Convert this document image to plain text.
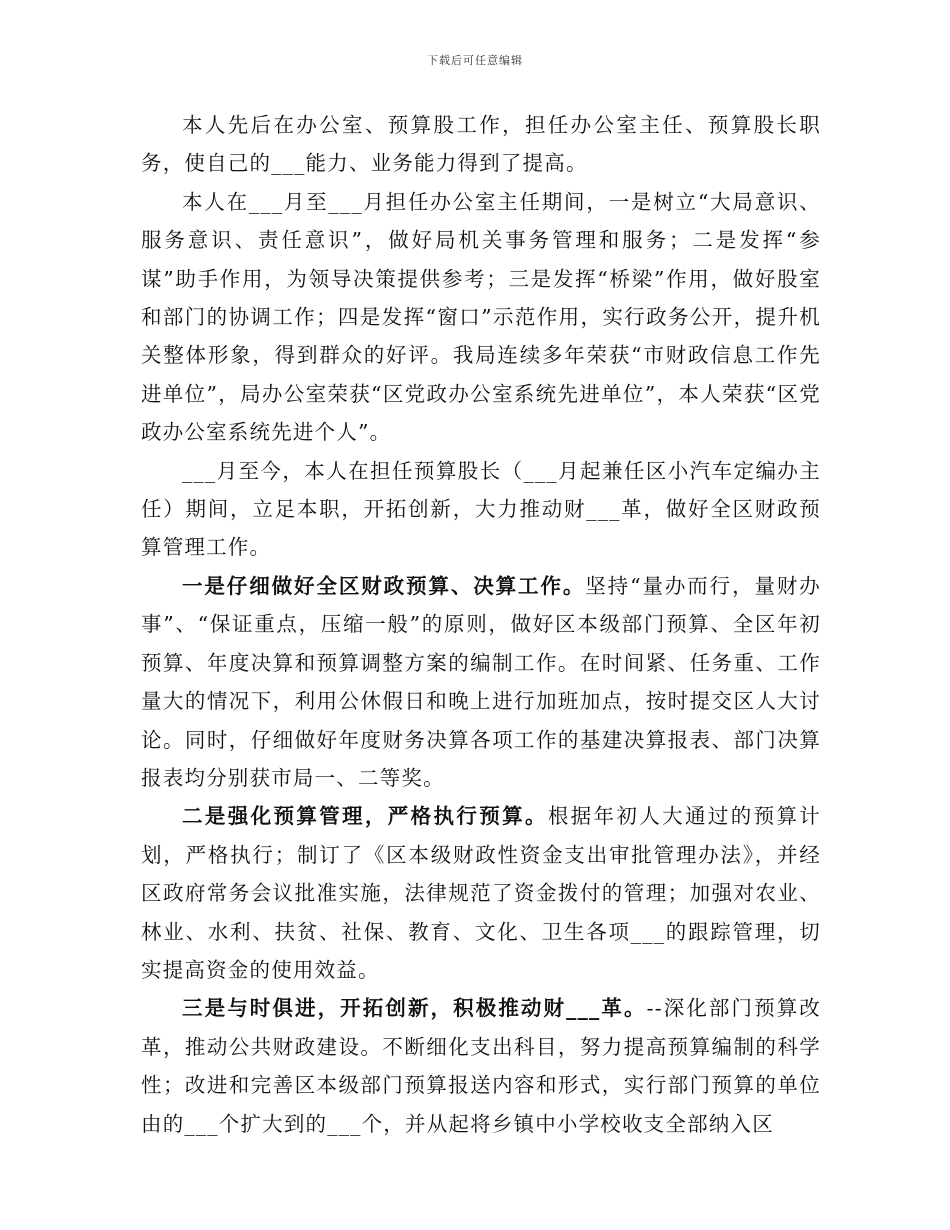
下载后可任意编辑

本人先后在办公室、预算股工作，担任办公室主任、预算股长职务，使自己的___能力、业务能力得到了提高。

本人在___月至___月担任办公室主任期间，一是树立“大局意识、服务意识、责任意识”，做好局机关事务管理和服务；二是发挥“参谋”助手作用，为领导决策提供参考；三是发挥“桥梁”作用，做好股室和部门的协调工作；四是发挥“窗口”示范作用，实行政务公开，提升机关整体形象，得到群众的好评。我局连续多年荣获“市财政信息工作先进单位”，局办公室荣获“区党政办公室系统先进单位”，本人荣获“区党政办公室系统先进个人”。

___月至今，本人在担任预算股长（___月起兼任区小汽车定编办主任）期间，立足本职，开拓创新，大力推动财___革，做好全区财政预算管理工作。

一是仔细做好全区财政预算、决算工作。坚持“量办而行，量财办事”、“保证重点，压缩一般”的原则，做好区本级部门预算、全区年初预算、年度决算和预算调整方案的编制工作。在时间紧、任务重、工作量大的情况下，利用公休假日和晚上进行加班加点，按时提交区人大讨论。同时，仔细做好年度财务决算各项工作的基建决算报表、部门决算报表均分别获市局一、二等奖。

二是强化预算管理，严格执行预算。根据年初人大通过的预算计划，严格执行；制订了《区本级财政性资金支出审批管理办法》，并经区政府常务会议批准实施，法律规范了资金拨付的管理；加强对农业、林业、水利、扶贫、社保、教育、文化、卫生各项___的跟踪管理，切实提高资金的使用效益。

三是与时俱进，开拓创新，积极推动财___革。--深化部门预算改革，推动公共财政建设。不断细化支出科目，努力提高预算编制的科学性；改进和完善区本级部门预算报送内容和形式，实行部门预算的单位由的___个扩大到的___个，并从起将乡镇中小学校收支全部纳入区
